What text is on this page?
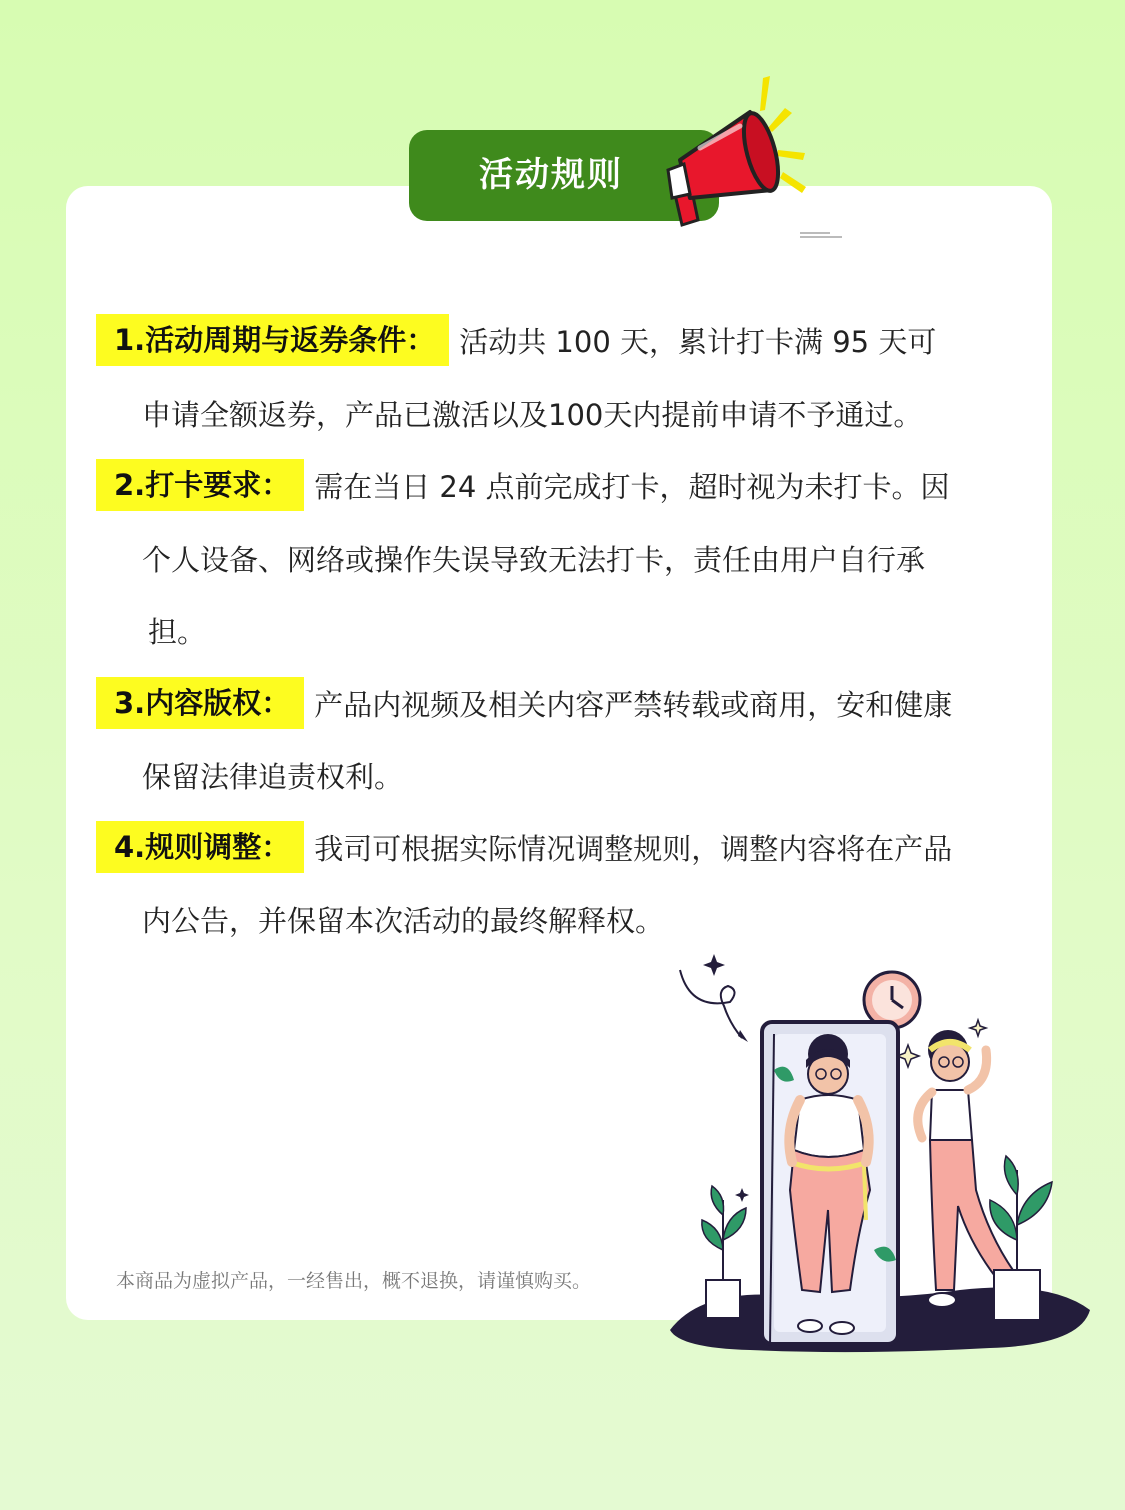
活动规则
1.活动周期与返券条件： 活动共 100 天，累计打卡满 95 天可
申请全额返券，产品已激活以及100天内提前申请不予通过。
2.打卡要求： 需在当日 24 点前完成打卡，超时视为未打卡。因
个人设备、网络或操作失误导致无法打卡，责任由用户自行承
担。
3.内容版权： 产品内视频及相关内容严禁转载或商用，安和健康
保留法律追责权利。
4.规则调整： 我司可根据实际情况调整规则，调整内容将在产品
内公告，并保留本次活动的最终解释权。
本商品为虚拟产品，一经售出，概不退换，请谨慎购买。
